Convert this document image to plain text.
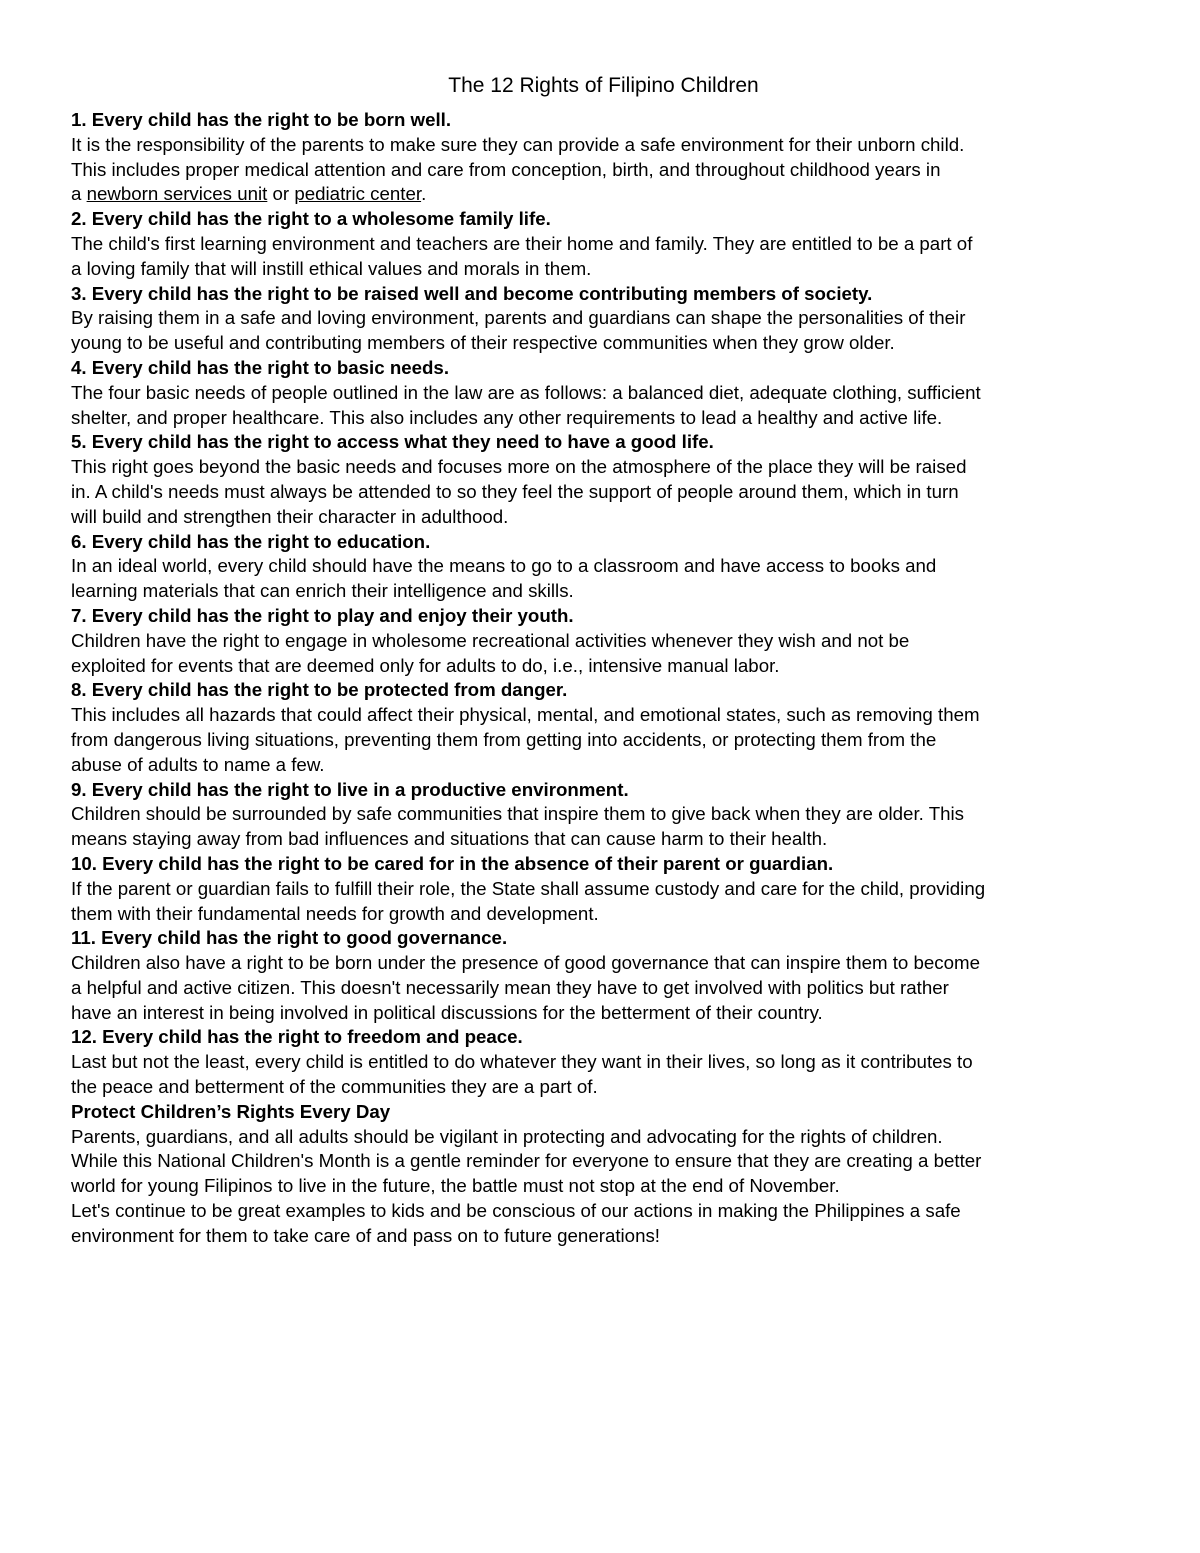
The 12 Rights of Filipino Children
1. Every child has the right to be born well.
It is the responsibility of the parents to make sure they can provide a safe environment for their unborn child.
This includes proper medical attention and care from conception, birth, and throughout childhood years in
a newborn services unit or pediatric center.
2. Every child has the right to a wholesome family life.
The child's first learning environment and teachers are their home and family. They are entitled to be a part of
a loving family that will instill ethical values and morals in them.
3. Every child has the right to be raised well and become contributing members of society.
By raising them in a safe and loving environment, parents and guardians can shape the personalities of their
young to be useful and contributing members of their respective communities when they grow older.
4. Every child has the right to basic needs.
The four basic needs of people outlined in the law are as follows: a balanced diet, adequate clothing, sufficient
shelter, and proper healthcare. This also includes any other requirements to lead a healthy and active life.
5. Every child has the right to access what they need to have a good life.
This right goes beyond the basic needs and focuses more on the atmosphere of the place they will be raised
in. A child's needs must always be attended to so they feel the support of people around them, which in turn
will build and strengthen their character in adulthood.
6. Every child has the right to education.
In an ideal world, every child should have the means to go to a classroom and have access to books and
learning materials that can enrich their intelligence and skills.
7. Every child has the right to play and enjoy their youth.
Children have the right to engage in wholesome recreational activities whenever they wish and not be
exploited for events that are deemed only for adults to do, i.e., intensive manual labor.
8. Every child has the right to be protected from danger.
This includes all hazards that could affect their physical, mental, and emotional states, such as removing them
from dangerous living situations, preventing them from getting into accidents, or protecting them from the
abuse of adults to name a few.
9. Every child has the right to live in a productive environment.
Children should be surrounded by safe communities that inspire them to give back when they are older. This
means staying away from bad influences and situations that can cause harm to their health.
10. Every child has the right to be cared for in the absence of their parent or guardian.
If the parent or guardian fails to fulfill their role, the State shall assume custody and care for the child, providing
them with their fundamental needs for growth and development.
11. Every child has the right to good governance.
Children also have a right to be born under the presence of good governance that can inspire them to become
a helpful and active citizen. This doesn't necessarily mean they have to get involved with politics but rather
have an interest in being involved in political discussions for the betterment of their country.
12. Every child has the right to freedom and peace.
Last but not the least, every child is entitled to do whatever they want in their lives, so long as it contributes to
the peace and betterment of the communities they are a part of.
Protect Children’s Rights Every Day
Parents, guardians, and all adults should be vigilant in protecting and advocating for the rights of children.
While this National Children's Month is a gentle reminder for everyone to ensure that they are creating a better
world for young Filipinos to live in the future, the battle must not stop at the end of November.
Let's continue to be great examples to kids and be conscious of our actions in making the Philippines a safe
environment for them to take care of and pass on to future generations!
